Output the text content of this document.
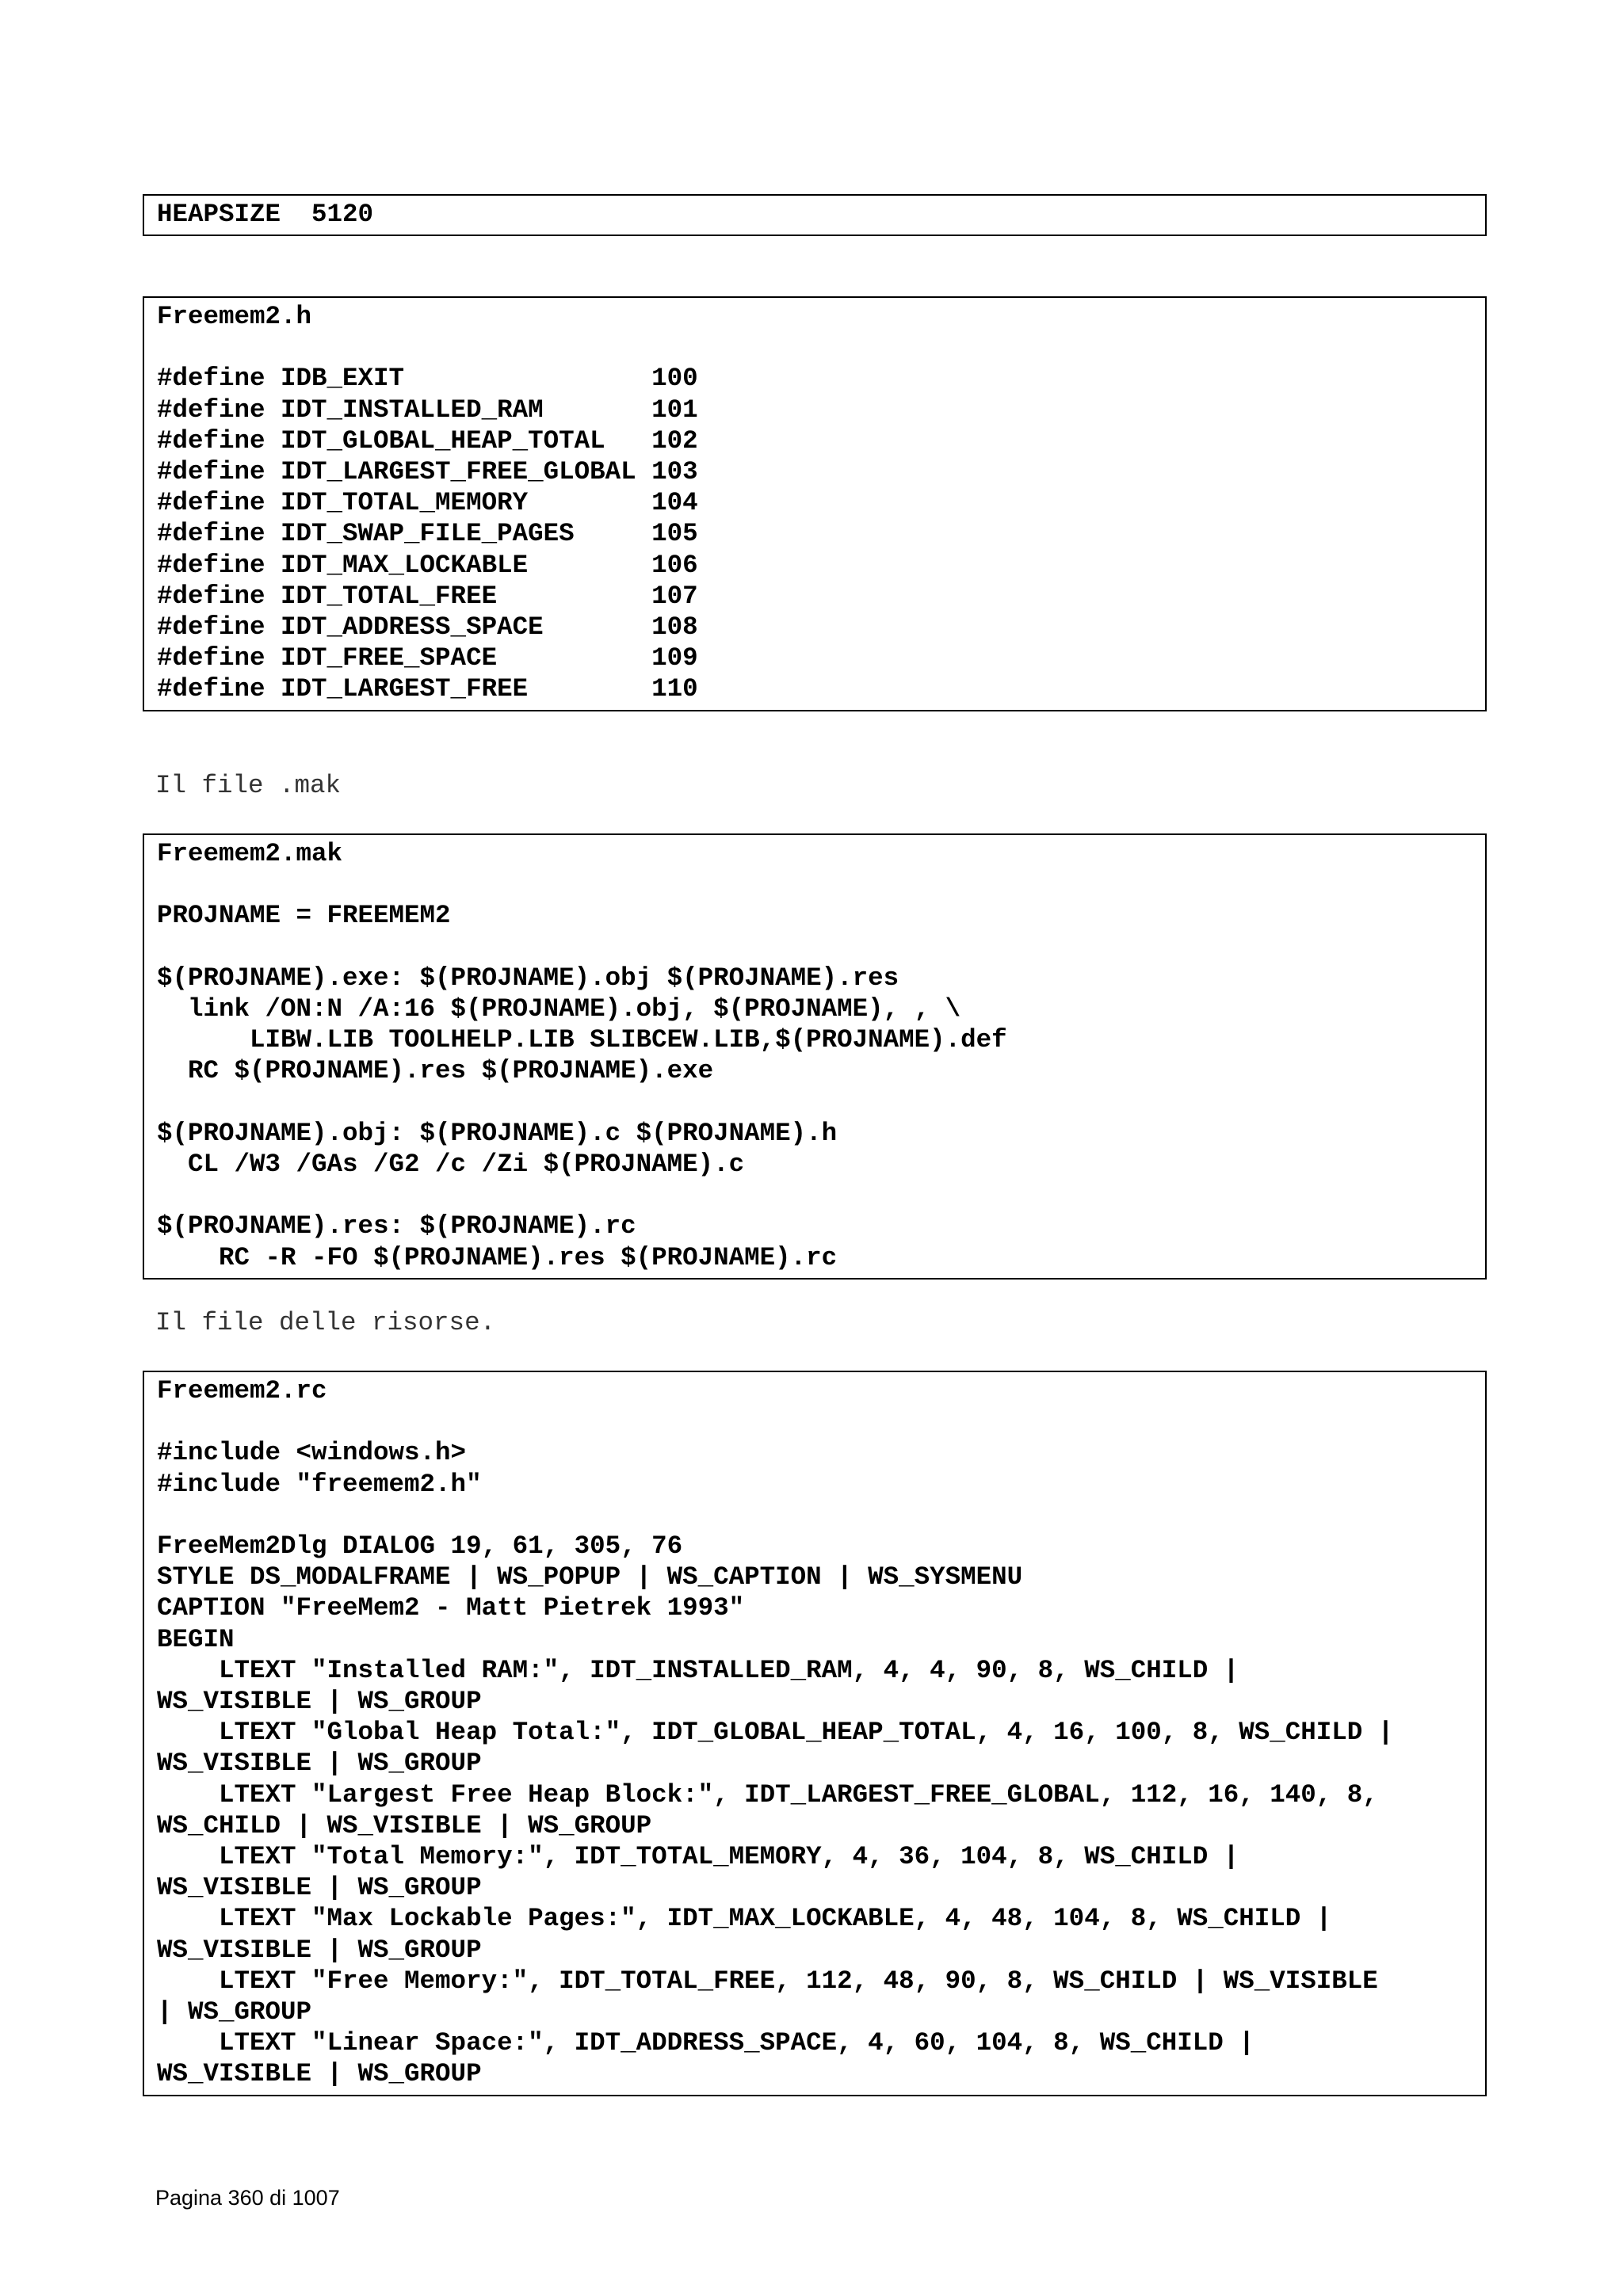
HEAPSIZE  5120
Freemem2.h

#define IDB_EXIT                100
#define IDT_INSTALLED_RAM       101
#define IDT_GLOBAL_HEAP_TOTAL   102
#define IDT_LARGEST_FREE_GLOBAL 103
#define IDT_TOTAL_MEMORY        104
#define IDT_SWAP_FILE_PAGES     105
#define IDT_MAX_LOCKABLE        106
#define IDT_TOTAL_FREE          107
#define IDT_ADDRESS_SPACE       108
#define IDT_FREE_SPACE          109
#define IDT_LARGEST_FREE        110

Il file .mak

Freemem2.mak

PROJNAME = FREEMEM2

$(PROJNAME).exe: $(PROJNAME).obj $(PROJNAME).res
link /ON:N /A:16 $(PROJNAME).obj, $(PROJNAME), , \
LIBW.LIB TOOLHELP.LIB SLIBCEW.LIB,$(PROJNAME).def
RC $(PROJNAME).res $(PROJNAME).exe

$(PROJNAME).obj: $(PROJNAME).c $(PROJNAME).h
CL /W3 /GAs /G2 /c /Zi $(PROJNAME).c

$(PROJNAME).res: $(PROJNAME).rc
RC -R -FO $(PROJNAME).res $(PROJNAME).rc

Il file delle risorse.

Freemem2.rc

#include <windows.h>
#include "freemem2.h"

FreeMem2Dlg DIALOG 19, 61, 305, 76
STYLE DS_MODALFRAME | WS_POPUP | WS_CAPTION | WS_SYSMENU
CAPTION "FreeMem2 - Matt Pietrek 1993"
BEGIN
LTEXT "Installed RAM:", IDT_INSTALLED_RAM, 4, 4, 90, 8, WS_CHILD |
WS_VISIBLE | WS_GROUP
LTEXT "Global Heap Total:", IDT_GLOBAL_HEAP_TOTAL, 4, 16, 100, 8, WS_CHILD |
WS_VISIBLE | WS_GROUP
LTEXT "Largest Free Heap Block:", IDT_LARGEST_FREE_GLOBAL, 112, 16, 140, 8,
WS_CHILD | WS_VISIBLE | WS_GROUP
LTEXT "Total Memory:", IDT_TOTAL_MEMORY, 4, 36, 104, 8, WS_CHILD |
WS_VISIBLE | WS_GROUP
LTEXT "Max Lockable Pages:", IDT_MAX_LOCKABLE, 4, 48, 104, 8, WS_CHILD |
WS_VISIBLE | WS_GROUP
LTEXT "Free Memory:", IDT_TOTAL_FREE, 112, 48, 90, 8, WS_CHILD | WS_VISIBLE
| WS_GROUP
LTEXT "Linear Space:", IDT_ADDRESS_SPACE, 4, 60, 104, 8, WS_CHILD |
WS_VISIBLE | WS_GROUP

Pagina 360 di 1007
